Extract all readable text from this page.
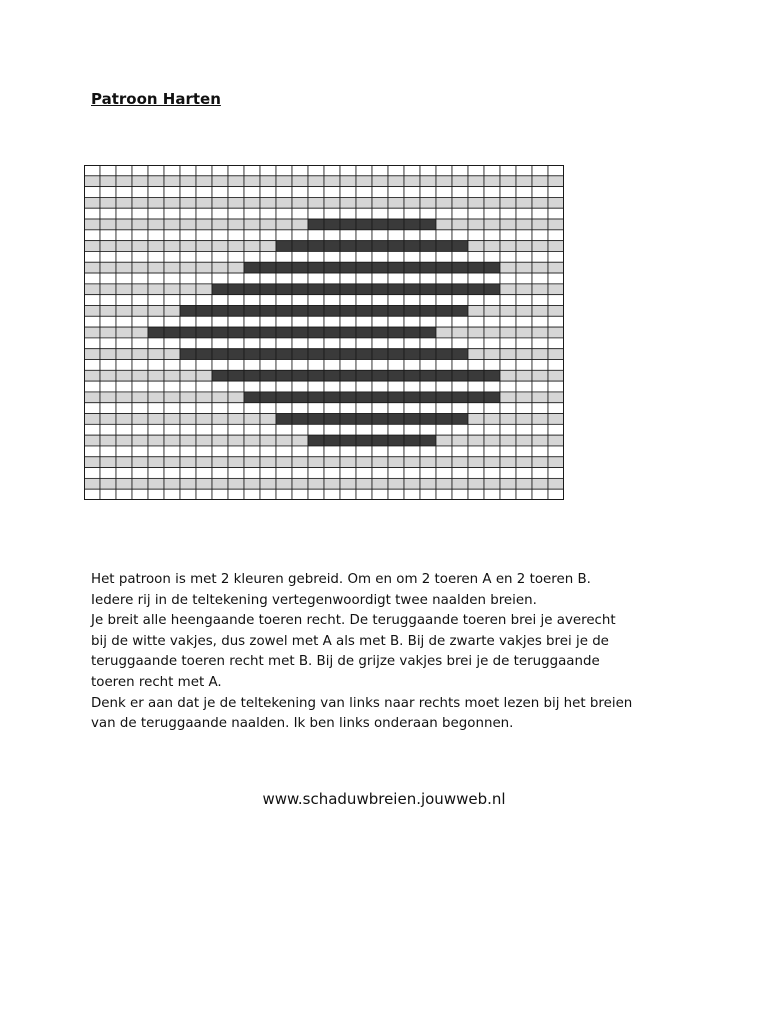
Patroon Harten

Het patroon is met 2 kleuren gebreid. Om en om 2 toeren A en 2 toeren B.

Iedere rij in de teltekening vertegenwoordigt twee naalden breien.

Je breit alle heengaande toeren recht. De teruggaande toeren brei je averecht

bij de witte vakjes, dus zowel met A als met B. Bij de zwarte vakjes brei je de

teruggaande toeren recht met B. Bij de grijze vakjes brei je de teruggaande

toeren recht met A.

Denk er aan dat je de teltekening van links naar rechts moet lezen bij het breien

van de teruggaande naalden. Ik ben links onderaan begonnen.

www.schaduwbreien.jouwweb.nl
